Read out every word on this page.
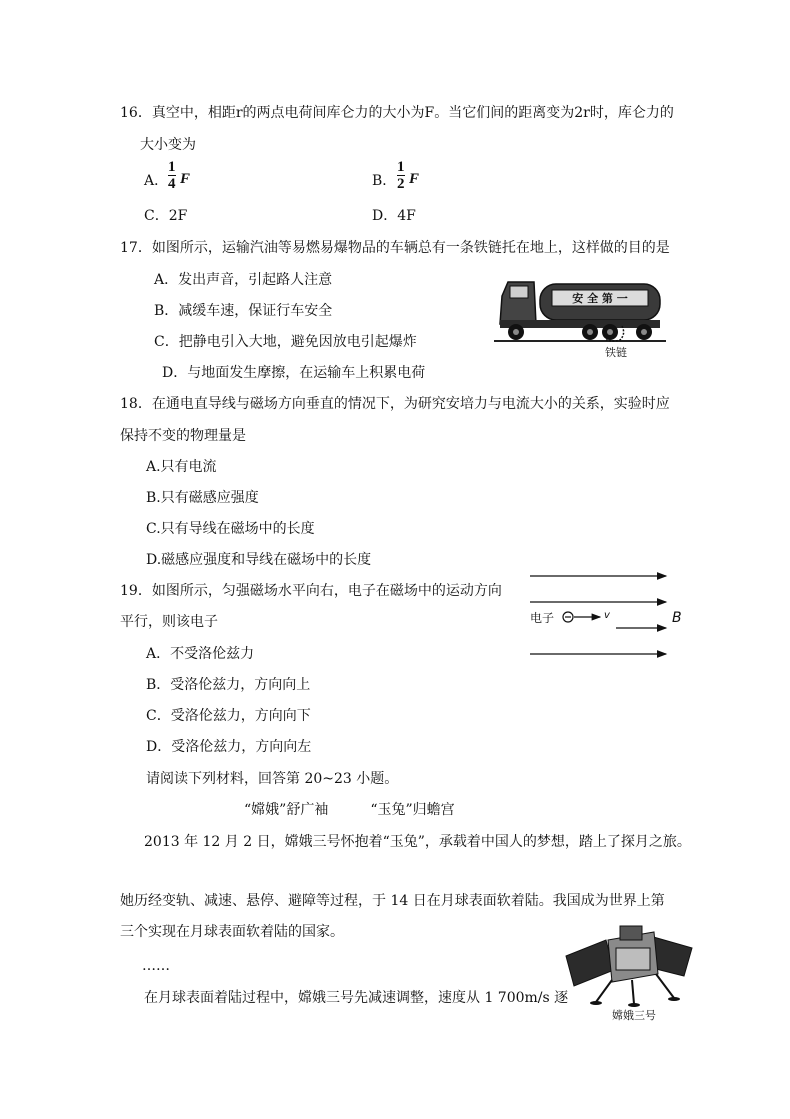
16．真空中，相距r的两点电荷间库仑力的大小为F。当它们间的距离变为2r时，库仑力的
大小变为
A．
1
4 F	B．
1
2 F
C．2F	D．4F
17．如图所示，运输汽油等易燃易爆物品的车辆总有一条铁链托在地上，这样做的目的是
A．发出声音，引起路人注意
B．减缓车速，保证行车安全
C．把静电引入大地，避免因放电引起爆炸
D．与地面发生摩擦，在运输车上积累电荷
安 全 第 一
铁链
18．在通电直导线与磁场方向垂直的情况下，为研究安培力与电流大小的关系，实验时应
保持不变的物理量是
A.只有电流
B.只有磁感应强度
C.只有导线在磁场中的长度
D.磁感应强度和导线在磁场中的长度
19．如图所示，匀强磁场水平向右，电子在磁场中的运动方向
平行，则该电子
A．不受洛伦兹力
B．受洛伦兹力，方向向上
C．受洛伦兹力，方向向下
D．受洛伦兹力，方向向左
电子	v	B
请阅读下列材料，回答第 20~23 小题。
“嫦娥”舒广袖　　　“玉兔”归蟾宫
2013 年 12 月 2 日，嫦娥三号怀抱着“玉兔”，承载着中国人的梦想，踏上了探月之旅。
她历经变轨、减速、悬停、避障等过程，于 14 日在月球表面软着陆。我国成为世界上第
三个实现在月球表面软着陆的国家。
……
在月球表面着陆过程中，嫦娥三号先减速调整，速度从 1 700m/s 逐
嫦娥三号
